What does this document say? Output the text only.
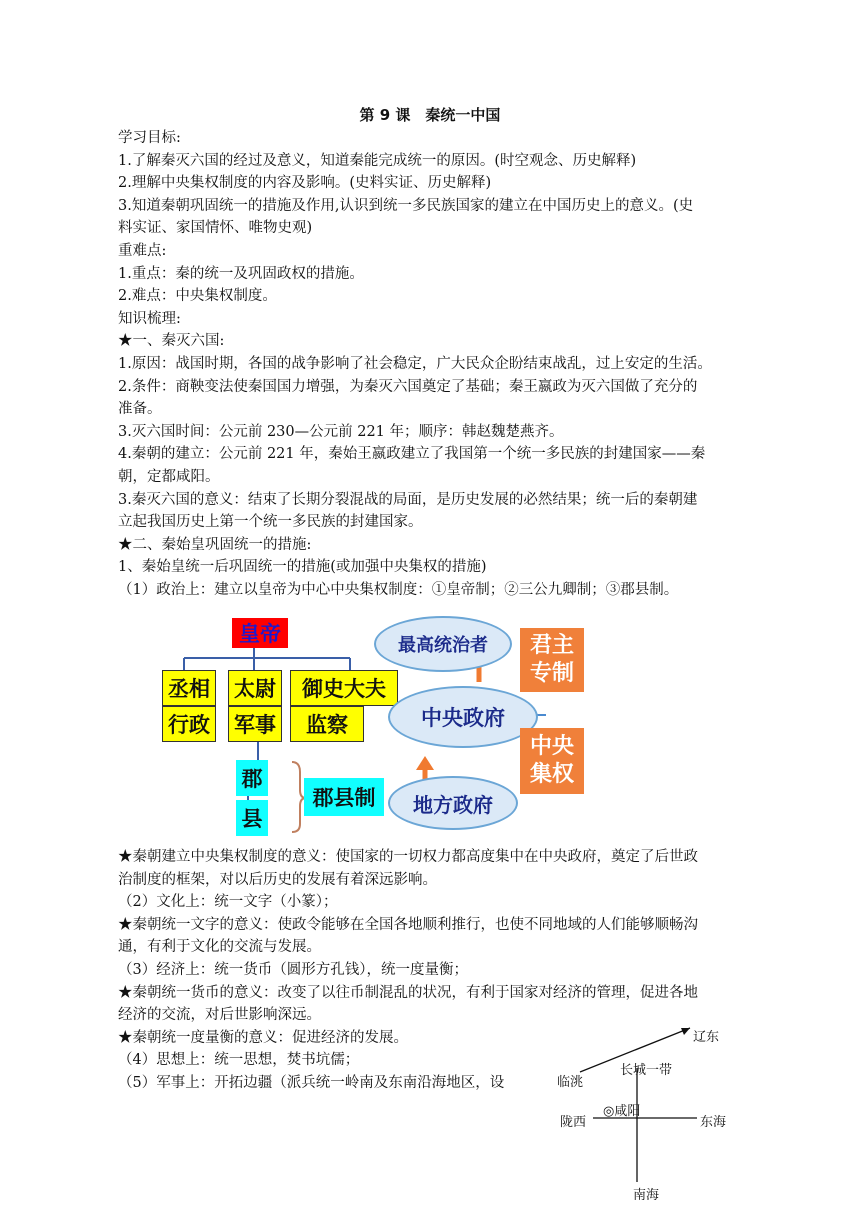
第 9 课　秦统一中国
学习目标:
1.了解秦灭六国的经过及意义，知道秦能完成统一的原因。(时空观念、历史解释)
2.理解中央集权制度的内容及影响。(史料实证、历史解释)
3.知道秦朝巩固统一的措施及作用,认识到统一多民族国家的建立在中国历史上的意义。(史
料实证、家国情怀、唯物史观)
重难点:
1.重点：秦的统一及巩固政权的措施。
2.难点：中央集权制度。
知识梳理:
★一、秦灭六国:
1.原因：战国时期，各国的战争影响了社会稳定，广大民众企盼结束战乱，过上安定的生活。
2.条件：商鞅变法使秦国国力增强，为秦灭六国奠定了基础；秦王嬴政为灭六国做了充分的
准备。
3.灭六国时间：公元前 230—公元前 221 年；顺序：韩赵魏楚燕齐。
4.秦朝的建立：公元前 221 年，秦始王嬴政建立了我国第一个统一多民族的封建国家——秦
朝，定都咸阳。
3.秦灭六国的意义：结束了长期分裂混战的局面，是历史发展的必然结果；统一后的秦朝建
立起我国历史上第一个统一多民族的封建国家。
★二、秦始皇巩固统一的措施:
1、秦始皇统一后巩固统一的措施(或加强中央集权的措施)
（1）政治上：建立以皇帝为中心中央集权制度：①皇帝制；②三公九卿制；③郡县制。
皇帝
丞相 太尉	御史大夫
行政 军事	监察
郡
县
郡县制
最高统治者
中央政府
地方政府
君主专制
中央集权
★秦朝建立中央集权制度的意义：使国家的一切权力都高度集中在中央政府，奠定了后世政
治制度的框架，对以后历史的发展有着深远影响。
（2）文化上：统一文字（小篆）；
★秦朝统一文字的意义：使政令能够在全国各地顺利推行，也使不同地域的人们能够顺畅沟
通，有利于文化的交流与发展。
（3）经济上：统一货币（圆形方孔钱），统一度量衡；
★秦朝统一货币的意义：改变了以往币制混乱的状况，有利于国家对经济的管理，促进各地
经济的交流，对后世影响深远。
★秦朝统一度量衡的意义：促进经济的发展。
（4）思想上：统一思想，焚书坑儒；
（5）军事上：开拓边疆（派兵统一岭南及东南沿海地区，设
辽东
临洮
长城一带
◎咸阳
陇西	东海
南海
